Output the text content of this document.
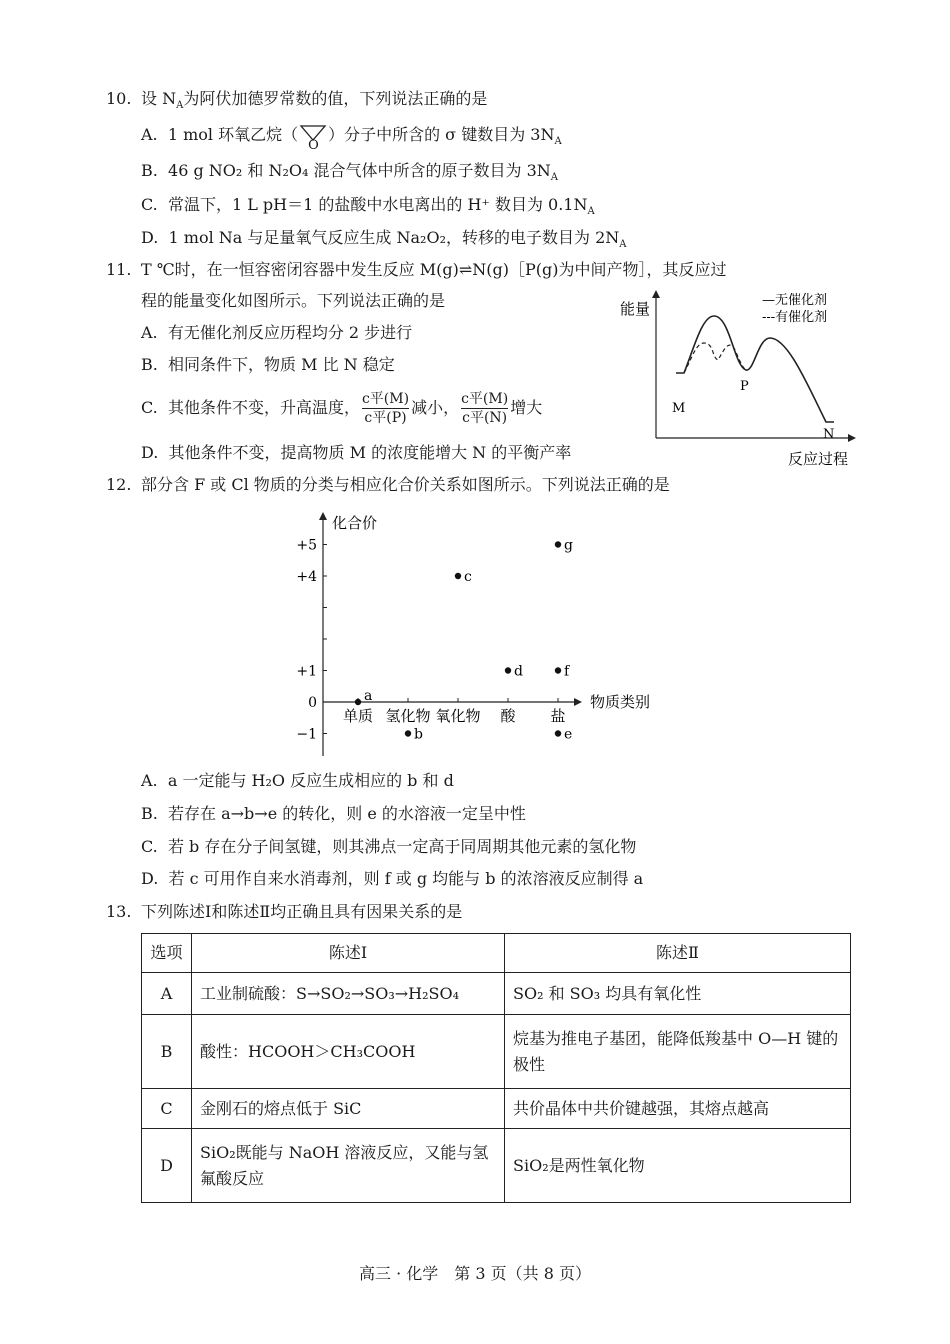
10. 设 $N_A$为阿伏加德罗常数的值，下列说法正确的是
A. 1 mol 环氧乙烷（
O
）分子中所含的 σ 键数目为 $3N_A$
B. 46 g NO₂ 和 N₂O₄ 混合气体中所含的原子数目为 $3N_A$
C. 常温下，1 L pH＝1 的盐酸中水电离出的 H⁺ 数目为 $0.1N_A$
D. 1 mol Na 与足量氧气反应生成 Na₂O₂，转移的电子数目为 $2N_A$
11. T ℃时，在一恒容密闭容器中发生反应 M(g)⇌N(g)［P(g)为中间产物］，其反应过
程的能量变化如图所示。下列说法正确的是
A. 有无催化剂反应历程均分 2 步进行
B. 相同条件下，物质 M 比 N 稳定
C. 其他条件不变，升高温度， $\frac{\text{c平(M)}}{\text{c平(P)}}$ 减小， $\frac{\text{c平(M)}}{\text{c平(N)}}$ 增大
D. 其他条件不变，提高物质 M 的浓度能增大 N 的平衡产率
能量
反应过程
—无催化剂
---有催化剂
M
P
N
12. 部分含 F 或 Cl 物质的分类与相应化合价关系如图所示。下列说法正确的是
化合价
物质类别
+5
+4
+1
0
−1
单质 氢化物 氧化物 酸 盐
a
b
c
d
e
f
g
A. a 一定能与 H₂O 反应生成相应的 b 和 d
B. 若存在 a→b→e 的转化，则 e 的水溶液一定呈中性
C. 若 b 存在分子间氢键，则其沸点一定高于同周期其他元素的氢化物
D. 若 c 可用作自来水消毒剂，则 f 或 g 均能与 b 的浓溶液反应制得 a
13. 下列陈述Ⅰ和陈述Ⅱ均正确且具有因果关系的是
选项	陈述Ⅰ	陈述Ⅱ
A	工业制硫酸：S→SO₂→SO₃→H₂SO₄	SO₂ 和 SO₃ 均具有氧化性
B	酸性：HCOOH＞CH₃COOH	烷基为推电子基团，能降低羧基中 O—H 键的极性
C	金刚石的熔点低于 SiC	共价晶体中共价键越强，其熔点越高
D	SiO₂既能与 NaOH 溶液反应，又能与氢氟酸反应	SiO₂是两性氧化物
高三 · 化学　第 3 页（共 8 页）
